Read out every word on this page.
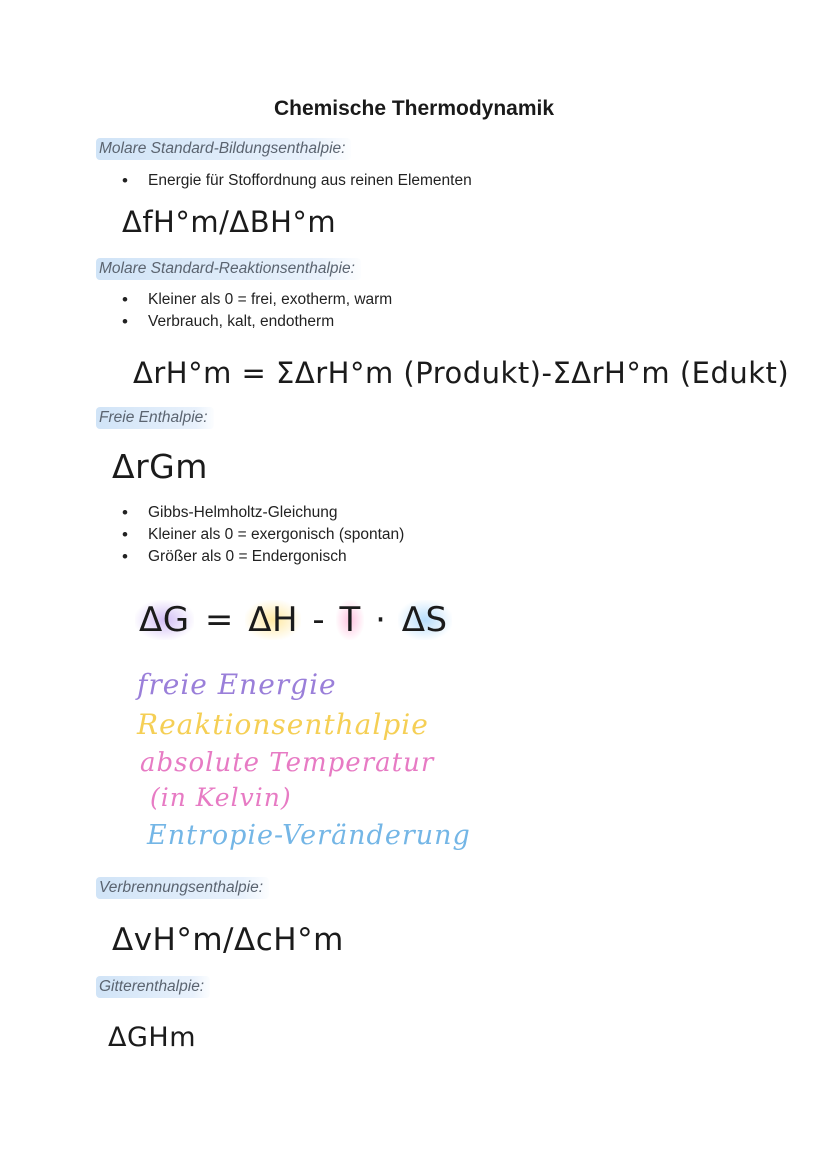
Chemische Thermodynamik
Molare Standard-Bildungsenthalpie:
• Energie für Stoffordnung aus reinen Elementen
ΔfH°m/ΔBH°m
Molare Standard-Reaktionsenthalpie:
• Kleiner als 0 = frei, exotherm, warm
• Verbrauch, kalt, endotherm
ΔrH°m = ΣΔrH°m (Produkt)-ΣΔrH°m (Edukt)
Freie Enthalpie:
ΔrGm
• Gibbs-Helmholtz-Gleichung
• Kleiner als 0 = exergonisch (spontan)
• Größer als 0 = Endergonisch
ΔG = ΔH - T · ΔS
freie Energie
Reaktionsenthalpie
absolute Temperatur
(in Kelvin)
Entropie-Veränderung
Verbrennungsenthalpie:
ΔvH°m/ΔcH°m
Gitterenthalpie:
ΔGHm
